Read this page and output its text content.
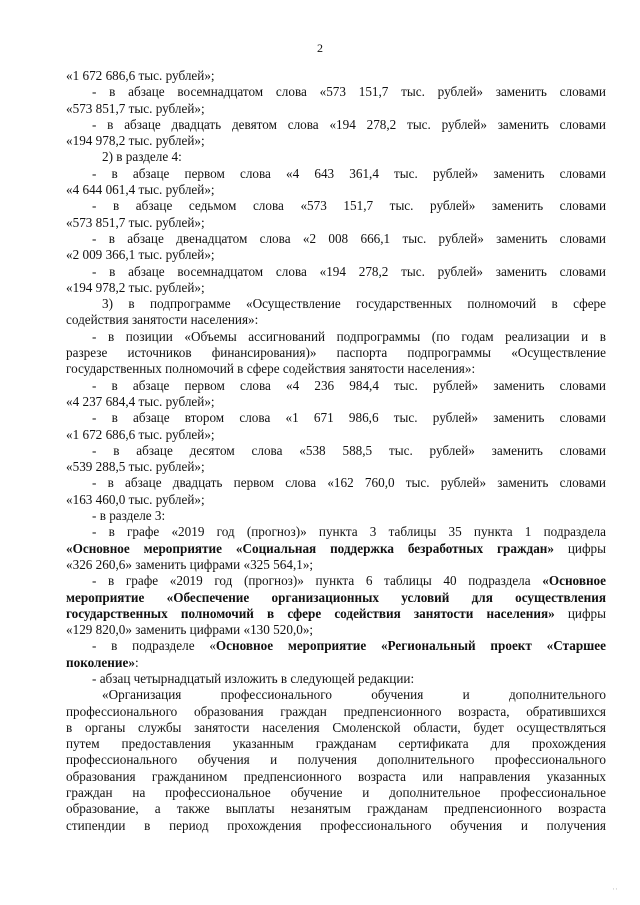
2
«1 672 686,6 тыс. рублей»;
- в абзаце восемнадцатом слова «573 151,7 тыс. рублей» заменить словами
«573 851,7 тыс. рублей»;
- в абзаце двадцать девятом слова «194 278,2 тыс. рублей» заменить словами
«194 978,2 тыс. рублей»;
2) в разделе 4:
- в абзаце первом слова «4 643 361,4 тыс. рублей» заменить словами
«4 644 061,4 тыс. рублей»;
- в абзаце седьмом слова «573 151,7 тыс. рублей» заменить словами
«573 851,7 тыс. рублей»;
- в абзаце двенадцатом слова «2 008 666,1 тыс. рублей» заменить словами
«2 009 366,1 тыс. рублей»;
- в абзаце восемнадцатом слова «194 278,2 тыс. рублей» заменить словами
«194 978,2 тыс. рублей»;
3) в подпрограмме «Осуществление государственных полномочий в сфере
содействия занятости населения»:
- в позиции «Объемы ассигнований подпрограммы (по годам реализации и в
разрезе источников финансирования)» паспорта подпрограммы «Осуществление
государственных полномочий в сфере содействия занятости населения»:
- в абзаце первом слова «4 236 984,4 тыс. рублей» заменить словами
«4 237 684,4 тыс. рублей»;
- в абзаце втором слова «1 671 986,6 тыс. рублей» заменить словами
«1 672 686,6 тыс. рублей»;
- в абзаце десятом слова «538 588,5 тыс. рублей» заменить словами
«539 288,5 тыс. рублей»;
- в абзаце двадцать первом слова «162 760,0 тыс. рублей» заменить словами
«163 460,0 тыс. рублей»;
- в разделе 3:
- в графе «2019 год (прогноз)» пункта 3 таблицы 35 пункта 1 подраздела
«Основное мероприятие «Социальная поддержка безработных граждан» цифры
«326 260,6» заменить цифрами «325 564,1»;
- в графе «2019 год (прогноз)» пункта 6 таблицы 40 подраздела «Основное
мероприятие «Обеспечение организационных условий для осуществления
государственных полномочий в сфере содействия занятости населения» цифры
«129 820,0» заменить цифрами «130 520,0»;
- в подразделе «Основное мероприятие «Региональный проект «Старшее
поколение»:
- абзац четырнадцатый изложить в следующей редакции:
«Организация профессионального обучения и дополнительного
профессионального образования граждан предпенсионного возраста, обратившихся
в органы службы занятости населения Смоленской области, будет осуществляться
путем предоставления указанным гражданам сертификата для прохождения
профессионального обучения и получения дополнительного профессионального
образования гражданином предпенсионного возраста или направления указанных
граждан на профессиональное обучение и дополнительное профессиональное
образование, а также выплаты незанятым гражданам предпенсионного возраста
стипендии в период прохождения профессионального обучения и получения
··
